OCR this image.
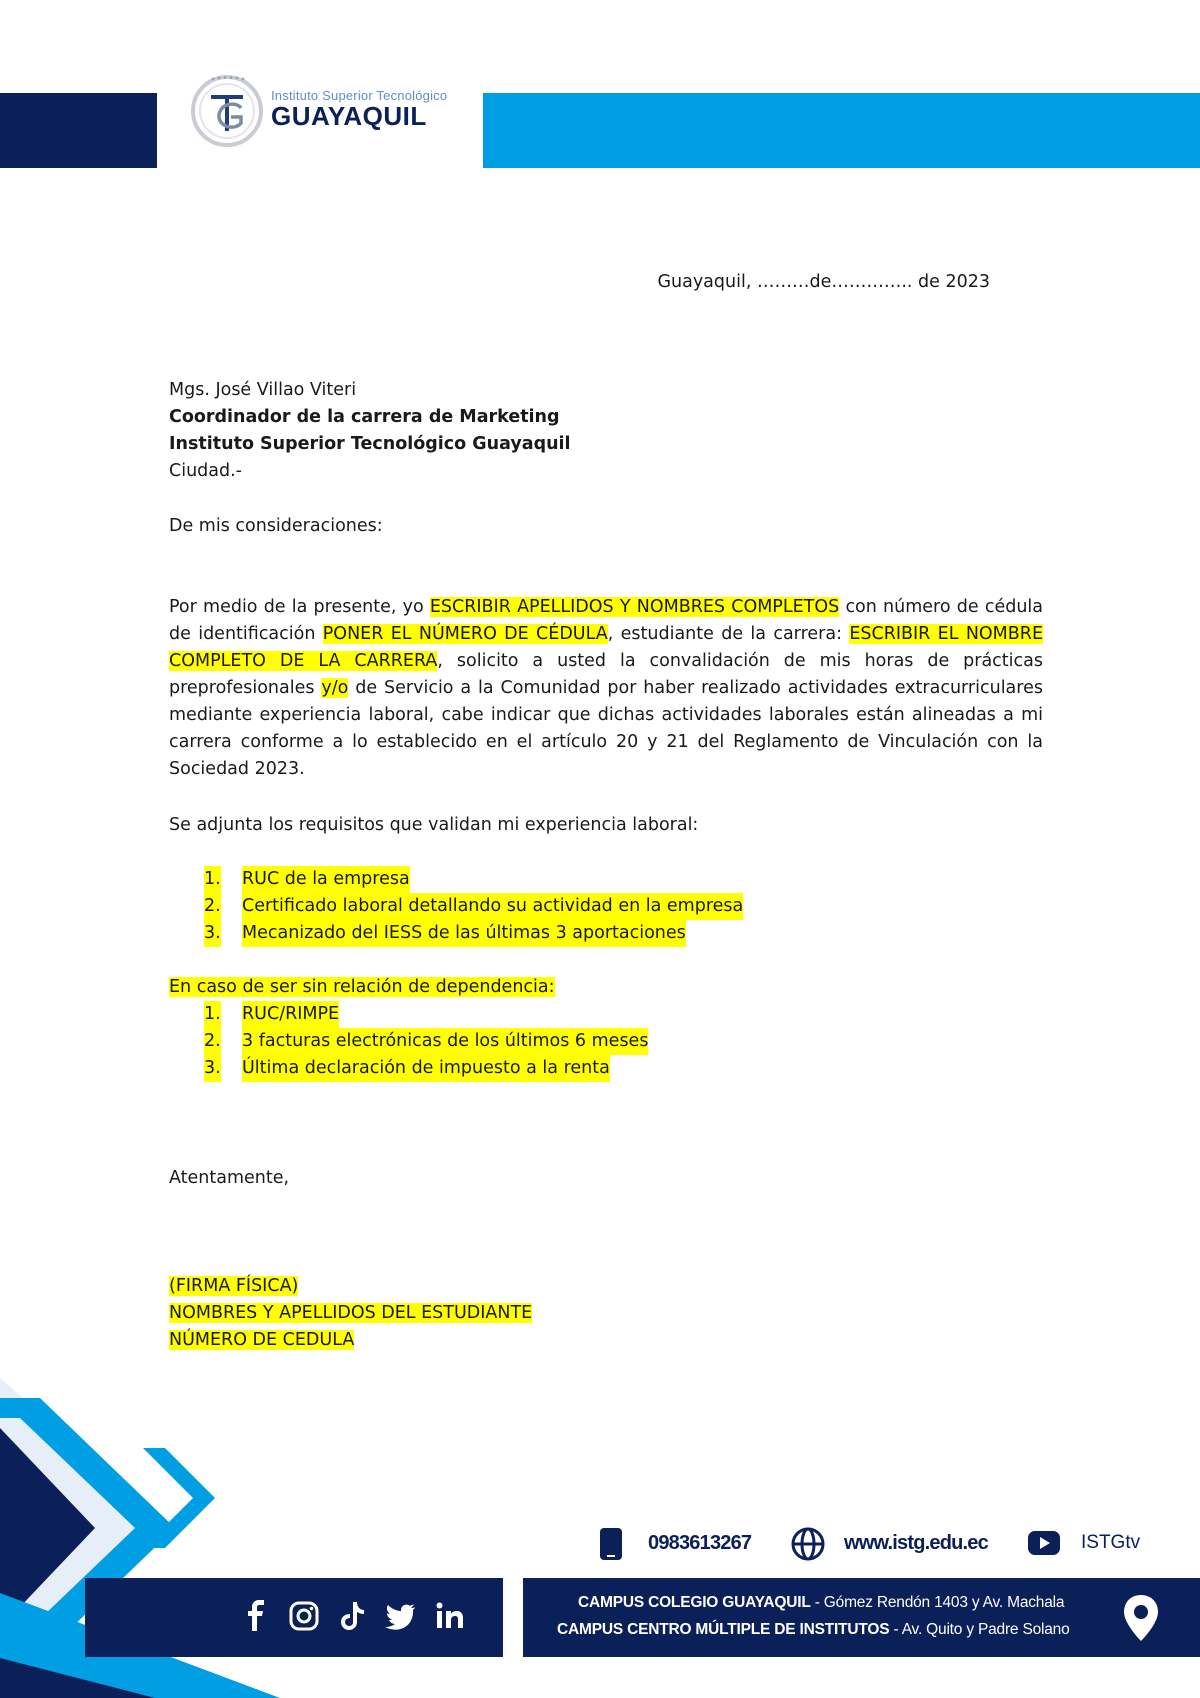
Instituto Superior Tecnológico
GUAYAQUIL
Guayaquil, ………de………….. de 2023
Mgs. José Villao Viteri
Coordinador de la carrera de Marketing
Instituto Superior Tecnológico Guayaquil
Ciudad.-
De mis consideraciones:
Por medio de la presente, yo ESCRIBIR APELLIDOS Y NOMBRES COMPLETOS con número de cédula de identificación PONER EL NÚMERO DE CÉDULA, estudiante de la carrera: ESCRIBIR EL NOMBRE COMPLETO DE LA CARRERA, solicito a usted la convalidación de mis horas de prácticas preprofesionales y/o de Servicio a la Comunidad por haber realizado actividades extracurriculares mediante experiencia laboral, cabe indicar que dichas actividades laborales están alineadas a mi carrera conforme a lo establecido en el artículo 20 y 21 del Reglamento de Vinculación con la Sociedad 2023.
Se adjunta los requisitos que validan mi experiencia laboral:
1. RUC de la empresa
2. Certificado laboral detallando su actividad en la empresa
3. Mecanizado del IESS de las últimas 3 aportaciones
En caso de ser sin relación de dependencia:
1. RUC/RIMPE
2. 3 facturas electrónicas de los últimos 6 meses
3. Última declaración de impuesto a la renta
Atentamente,
(FIRMA FÍSICA)
NOMBRES Y APELLIDOS DEL ESTUDIANTE
NÚMERO DE CEDULA
0983613267	www.istg.edu.ec	ISTGtv
CAMPUS COLEGIO GUAYAQUIL - Gómez Rendón 1403 y Av. Machala
CAMPUS CENTRO MÚLTIPLE DE INSTITUTOS - Av. Quito y Padre Solano
